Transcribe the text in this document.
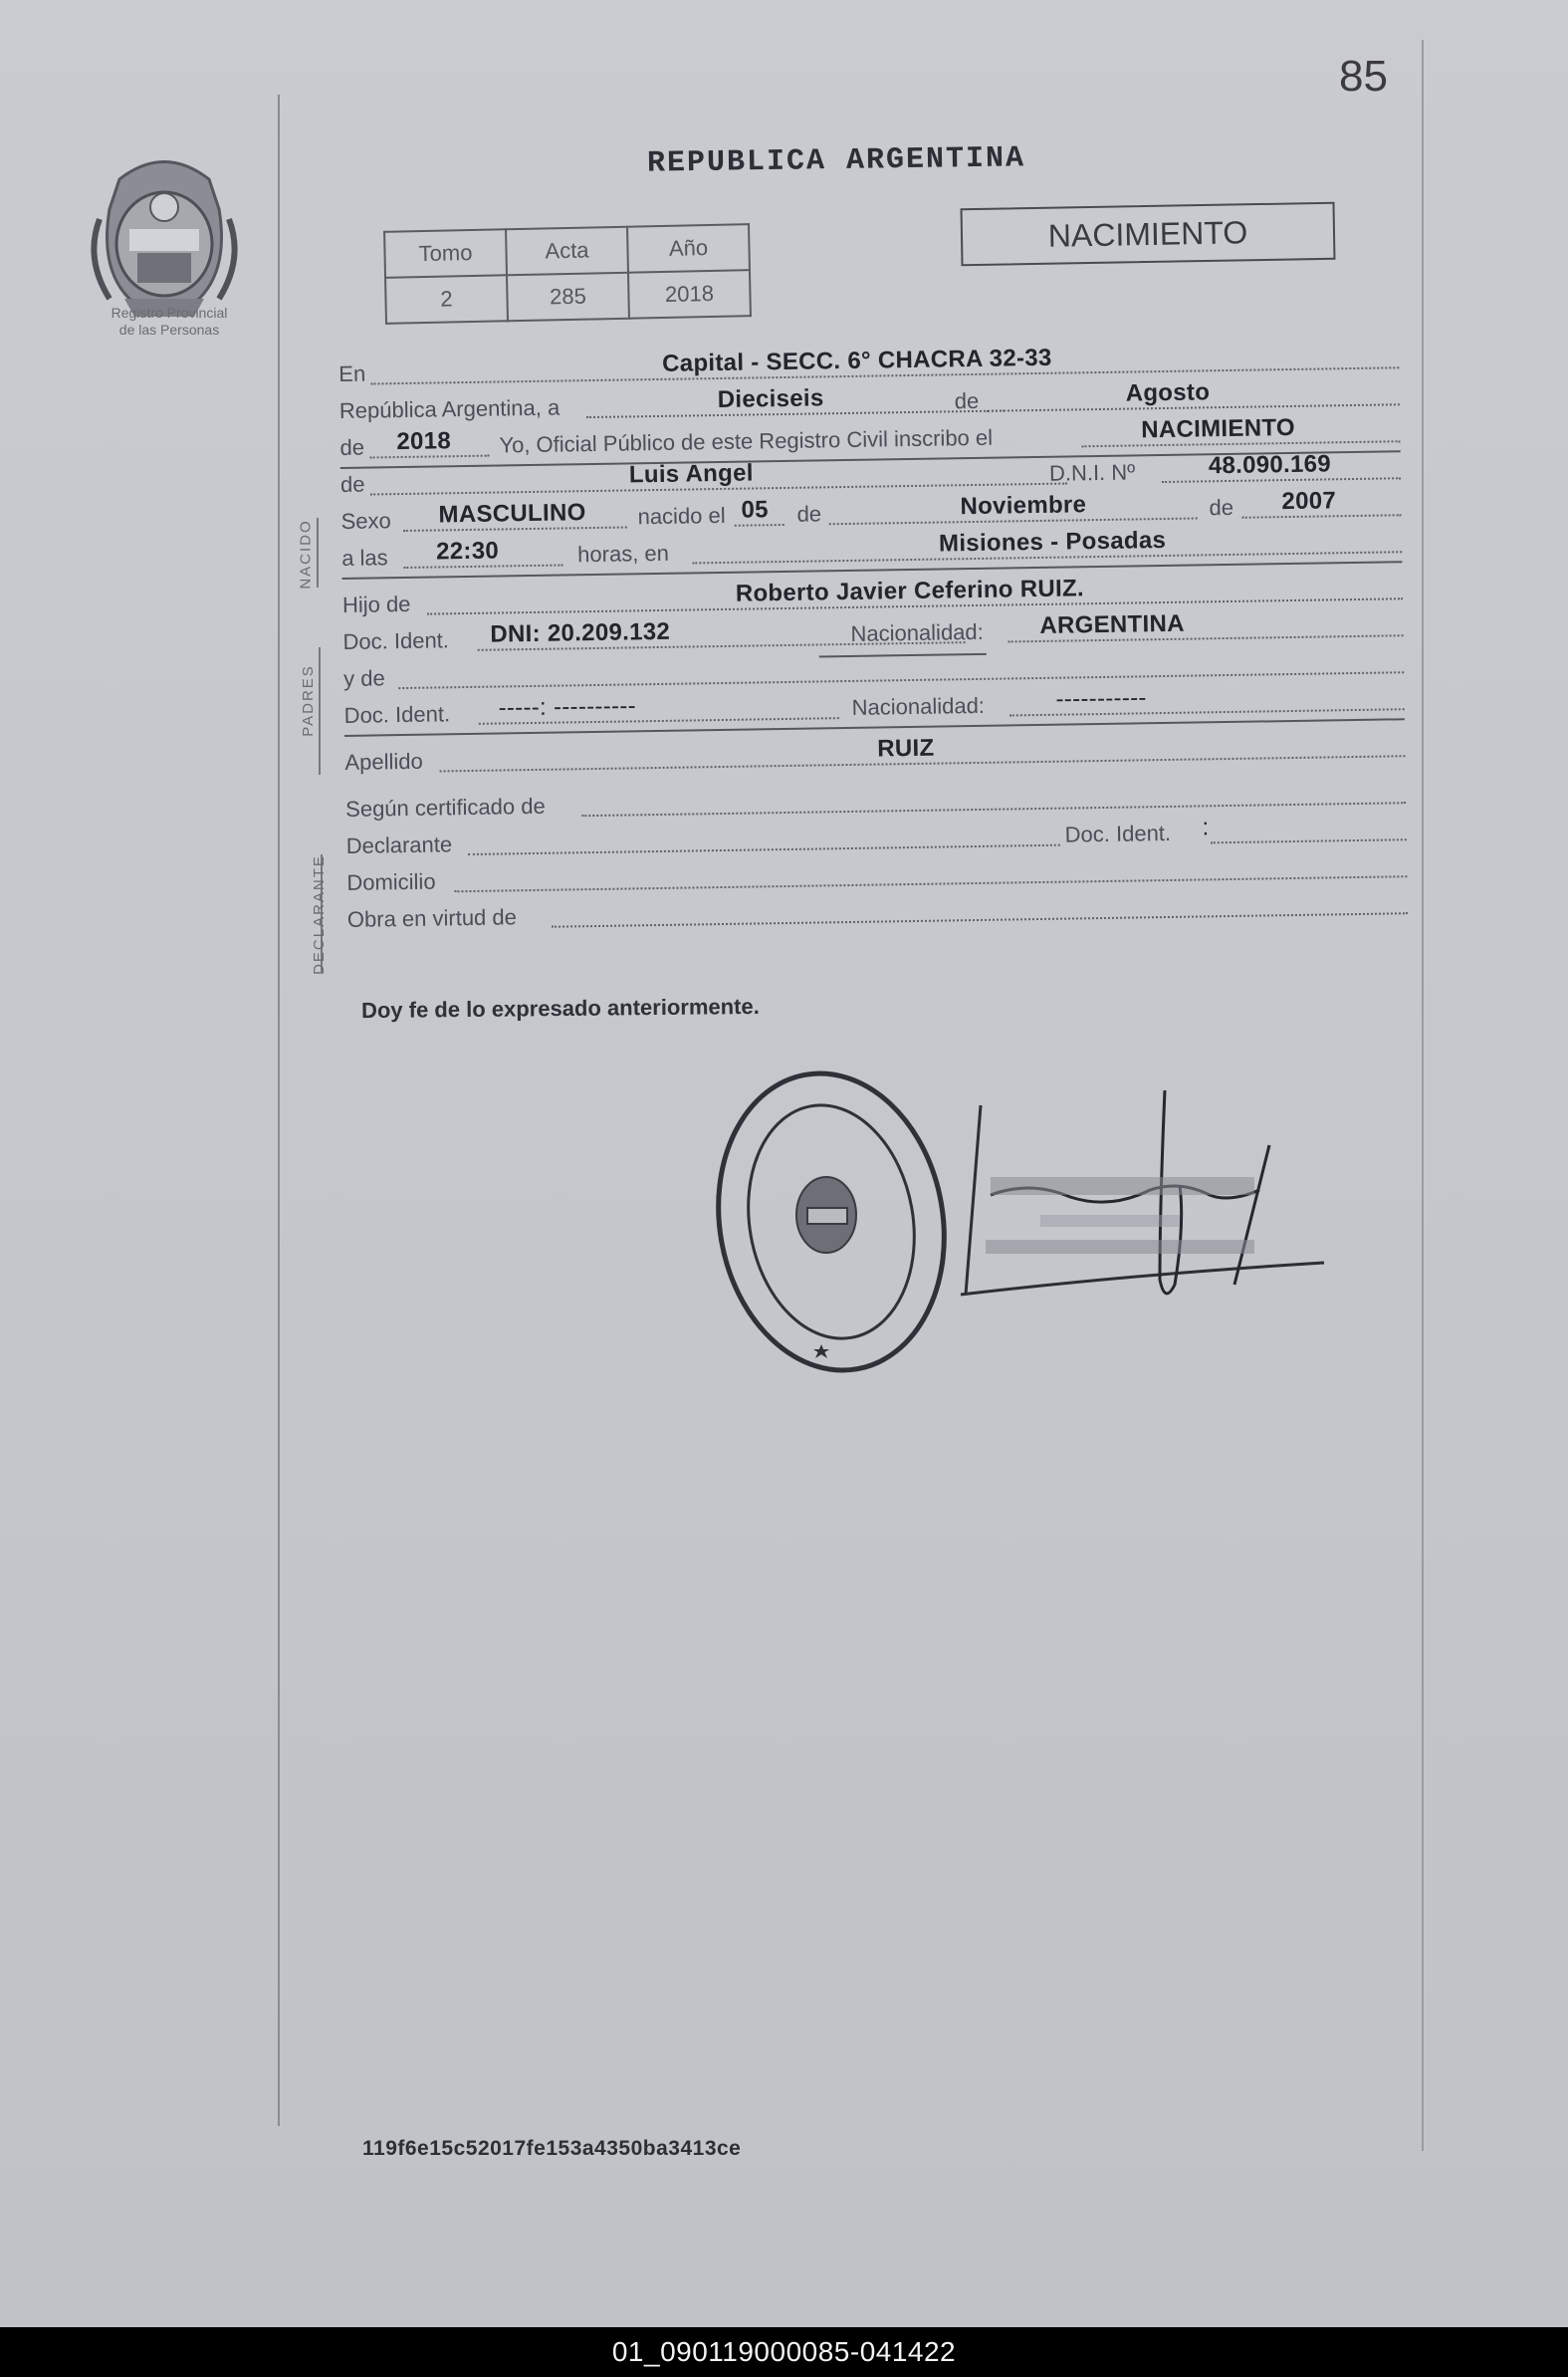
85
Registro Provincial
de las Personas
REPUBLICA ARGENTINA
NACIMIENTO
Tomo	Acta	Año
2	285	2018
NACIDO
PADRES
DECLARANTE
En	Capital - SECC. 6° CHACRA 32-33
República Argentina, a	Dieciseis	de	Agosto
de 2018 Yo, Oficial Público de este Registro Civil inscribo el	NACIMIENTO
de	Luis Angel	D.N.I. Nº	48.090.169
Sexo MASCULINO nacido el 05 de	Noviembre	de 2007
a las 22:30	horas, en	Misiones - Posadas
Hijo de	Roberto Javier Ceferino RUIZ.
Doc. Ident. DNI: 20.209.132	Nacionalidad: ARGENTINA
y de
Doc. Ident. -----: ----------	Nacionalidad:	-----------
Apellido	RUIZ
Según certificado de
Declarante	Doc. Ident. :
Domicilio
Obra en virtud de
Doy fe de lo expresado anteriormente.
119f6e15c52017fe153a4350ba3413ce
01_090119000085-041422
